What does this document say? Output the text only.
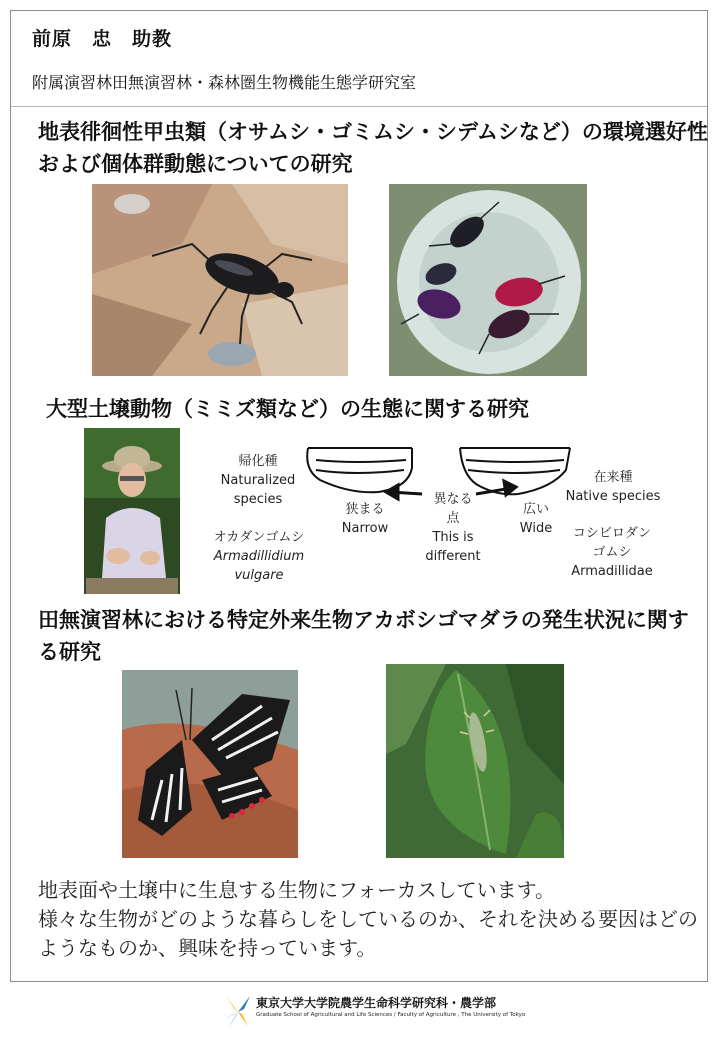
前原　忠　助教
附属演習林田無演習林・森林圏生物機能生態学研究室
地表徘徊性甲虫類（オサムシ・ゴミムシ・シデムシなど）の環境選好性および個体群動態についての研究
大型土壌動物（ミミズ類など）の生態に関する研究
帰化種
Naturalized
species
狭まる
Narrow
異なる
点
This is
different
広い
Wide
在来種
Native species
オカダンゴムシ
Armadillidium
vulgare
コシビロダン
ゴムシ
Armadillidae
田無演習林における特定外来生物アカボシゴマダラの発生状況に関する研究
地表面や土壌中に生息する生物にフォーカスしています。
様々な生物がどのような暮らしをしているのか、それを決める要因はどのようなものか、興味を持っています。
東京大学大学院農学生命科学研究科・農学部
Graduate School of Agricultural and Life Sciences / Faculty of Agriculture , The University of Tokyo
